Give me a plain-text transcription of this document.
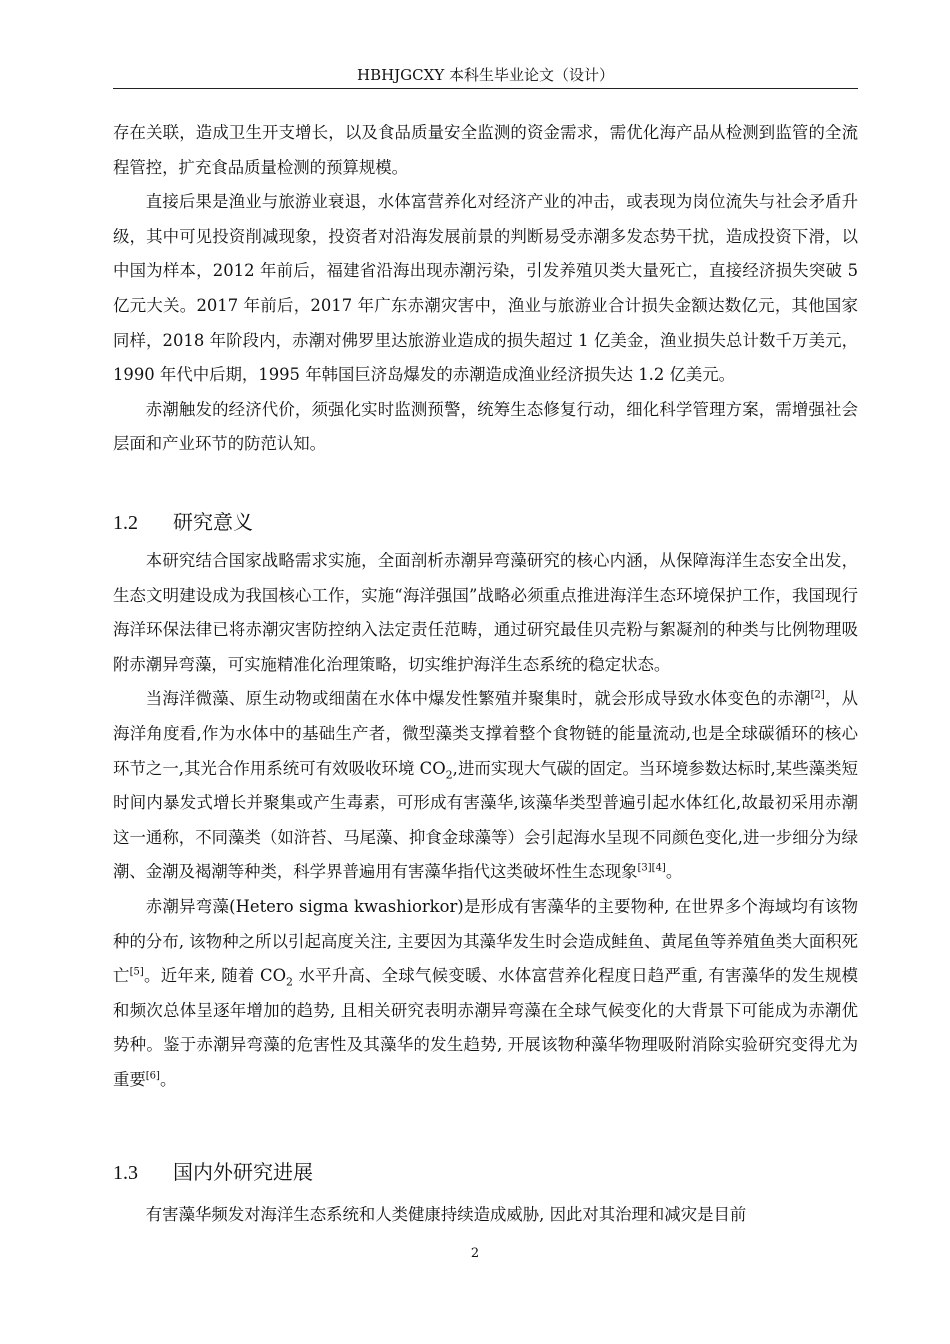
HBHJGCXY 本科生毕业论文（设计）

存在关联，造成卫生开支增长，以及食品质量安全监测的资金需求，需优化海产品从检测到监管的全流程管控，扩充食品质量检测的预算规模。

直接后果是渔业与旅游业衰退，水体富营养化对经济产业的冲击，或表现为岗位流失与社会矛盾升级，其中可见投资削减现象，投资者对沿海发展前景的判断易受赤潮多发态势干扰，造成投资下滑，以中国为样本，2012 年前后，福建省沿海出现赤潮污染，引发养殖贝类大量死亡，直接经济损失突破 5 亿元大关。2017 年前后，2017 年广东赤潮灾害中，渔业与旅游业合计损失金额达数亿元，其他国家同样，2018 年阶段内，赤潮对佛罗里达旅游业造成的损失超过 1 亿美金，渔业损失总计数千万美元，1990 年代中后期，1995 年韩国巨济岛爆发的赤潮造成渔业经济损失达 1.2 亿美元。

赤潮触发的经济代价，须强化实时监测预警，统筹生态修复行动，细化科学管理方案，需增强社会层面和产业环节的防范认知。

1.2 研究意义

本研究结合国家战略需求实施，全面剖析赤潮异弯藻研究的核心内涵，从保障海洋生态安全出发，生态文明建设成为我国核心工作，实施“海洋强国”战略必须重点推进海洋生态环境保护工作，我国现行海洋环保法律已将赤潮灾害防控纳入法定责任范畴，通过研究最佳贝壳粉与絮凝剂的种类与比例物理吸附赤潮异弯藻，可实施精准化治理策略，切实维护海洋生态系统的稳定状态。

当海洋微藻、原生动物或细菌在水体中爆发性繁殖并聚集时，就会形成导致水体变色的赤潮[2]，从海洋角度看,作为水体中的基础生产者，微型藻类支撑着整个食物链的能量流动,也是全球碳循环的核心环节之一,其光合作用系统可有效吸收环境 $CO_2$,进而实现大气碳的固定。当环境参数达标时,某些藻类短时间内暴发式增长并聚集或产生毒素，可形成有害藻华,该藻华类型普遍引起水体红化,故最初采用赤潮这一通称，不同藻类（如浒苔、马尾藻、抑食金球藻等）会引起海水呈现不同颜色变化,进一步细分为绿潮、金潮及褐潮等种类，科学界普遍用有害藻华指代这类破坏性生态现象[3][4]。

赤潮异弯藻(Hetero sigma kwashiorkor)是形成有害藻华的主要物种, 在世界多个海域均有该物种的分布, 该物种之所以引起高度关注, 主要因为其藻华发生时会造成鲑鱼、黄尾鱼等养殖鱼类大面积死亡[5]。近年来, 随着 $CO_2$ 水平升高、全球气候变暖、水体富营养化程度日趋严重, 有害藻华的发生规模和频次总体呈逐年增加的趋势, 且相关研究表明赤潮异弯藻在全球气候变化的大背景下可能成为赤潮优势种。鉴于赤潮异弯藻的危害性及其藻华的发生趋势, 开展该物种藻华物理吸附消除实验研究变得尤为重要[6]。

1.3 国内外研究进展

有害藻华频发对海洋生态系统和人类健康持续造成威胁, 因此对其治理和减灾是目前

2
